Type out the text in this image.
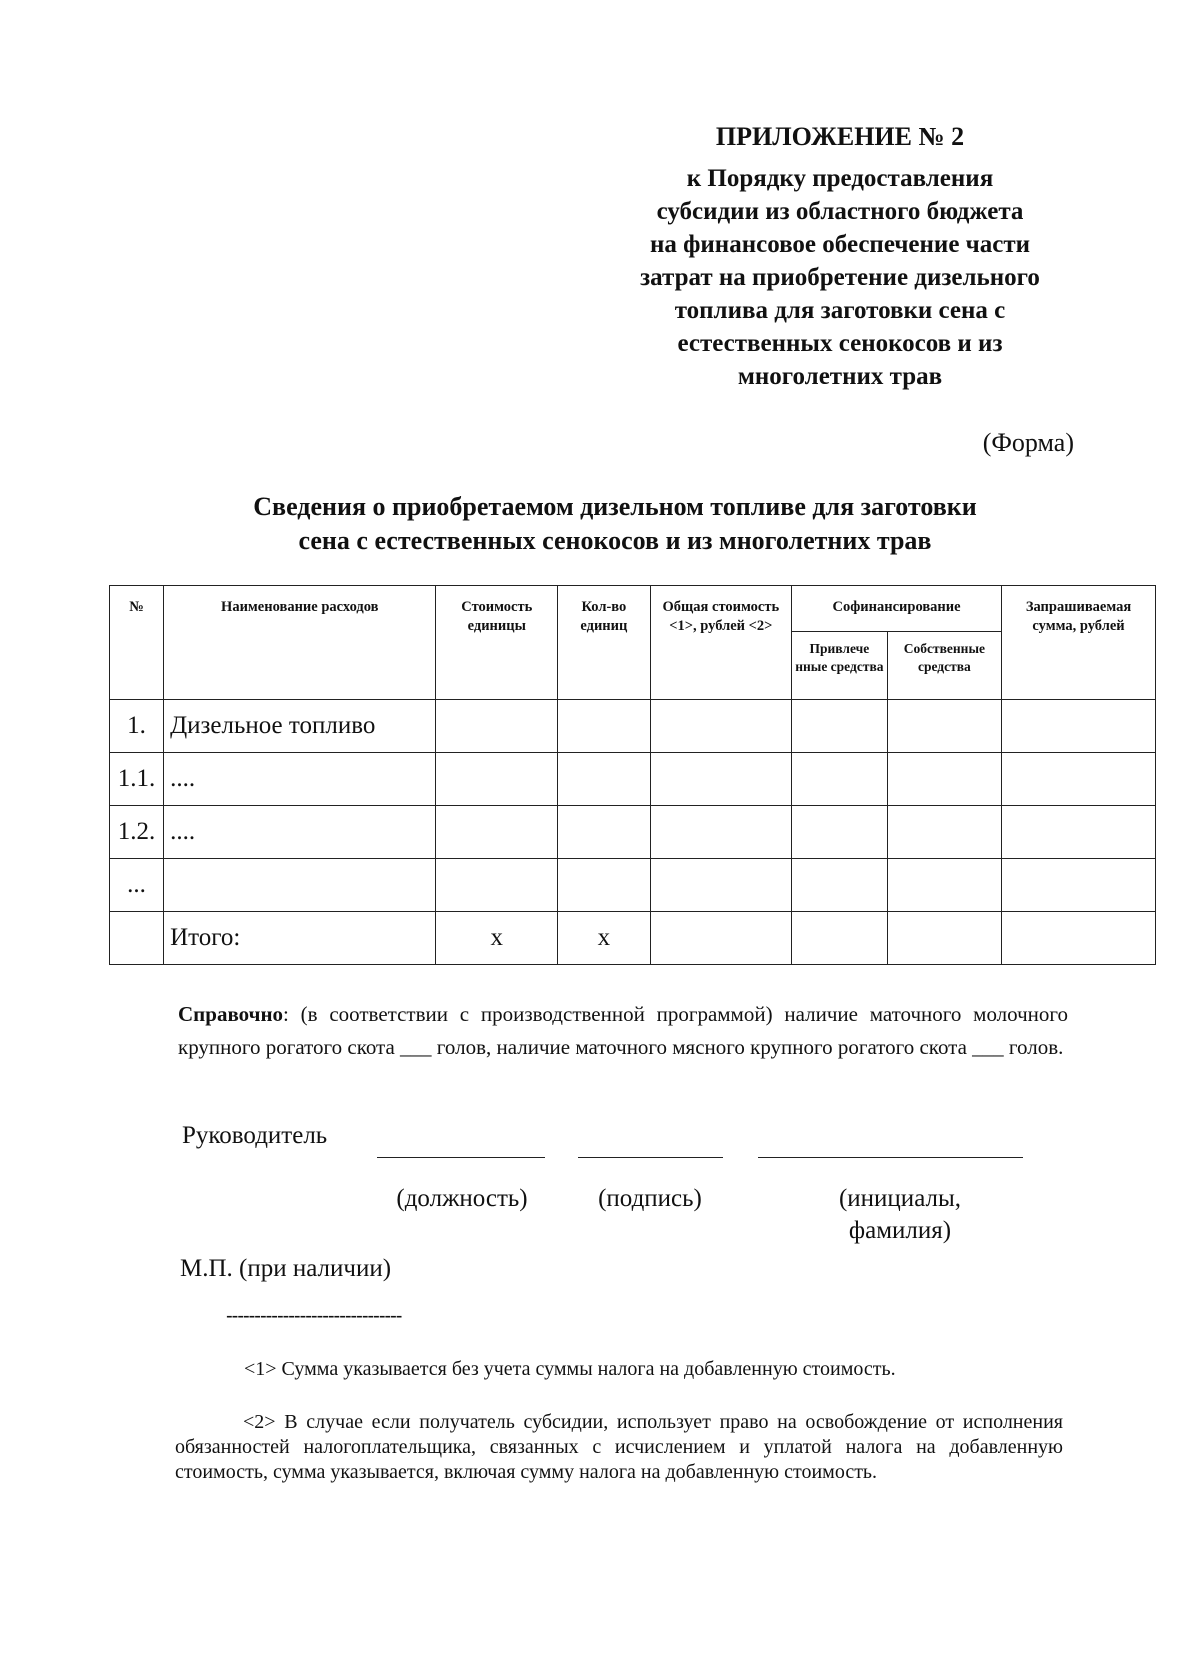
ПРИЛОЖЕНИЕ № 2
к Порядку предоставления
субсидии из областного бюджета
на финансовое обеспечение части
затрат на приобретение дизельного
топлива для заготовки сена с
естественных сенокосов и из
многолетних трав
(Форма)
Сведения о приобретаемом дизельном топливе для заготовки
сена с естественных сенокосов и из многолетних трав
№	Наименование расходов	Стоимость единицы	Кол-во единиц	Общая стоимость <1>, рублей <2>	Софинансирование		Запрашиваемая сумма, рублей
					Привлече нные средства	Собственные средства	
1.	Дизельное топливо						
1.1.	....						
1.2.	....						
...							
	Итого:	x	x				
Справочно: (в соответствии с производственной программой) наличие маточного молочного крупного рогатого скота ___ голов, наличие маточного мясного крупного рогатого скота ___ голов.
Руководитель
(должность)	(подпись)	(инициалы,
фамилия)
М.П. (при наличии)
-------------------------------
<1> Сумма указывается без учета суммы налога на добавленную стоимость.
<2> В случае если получатель субсидии, использует право на освобождение от исполнения обязанностей налогоплательщика, связанных с исчислением и уплатой налога на добавленную стоимость, сумма указывается, включая сумму налога на добавленную стоимость.
